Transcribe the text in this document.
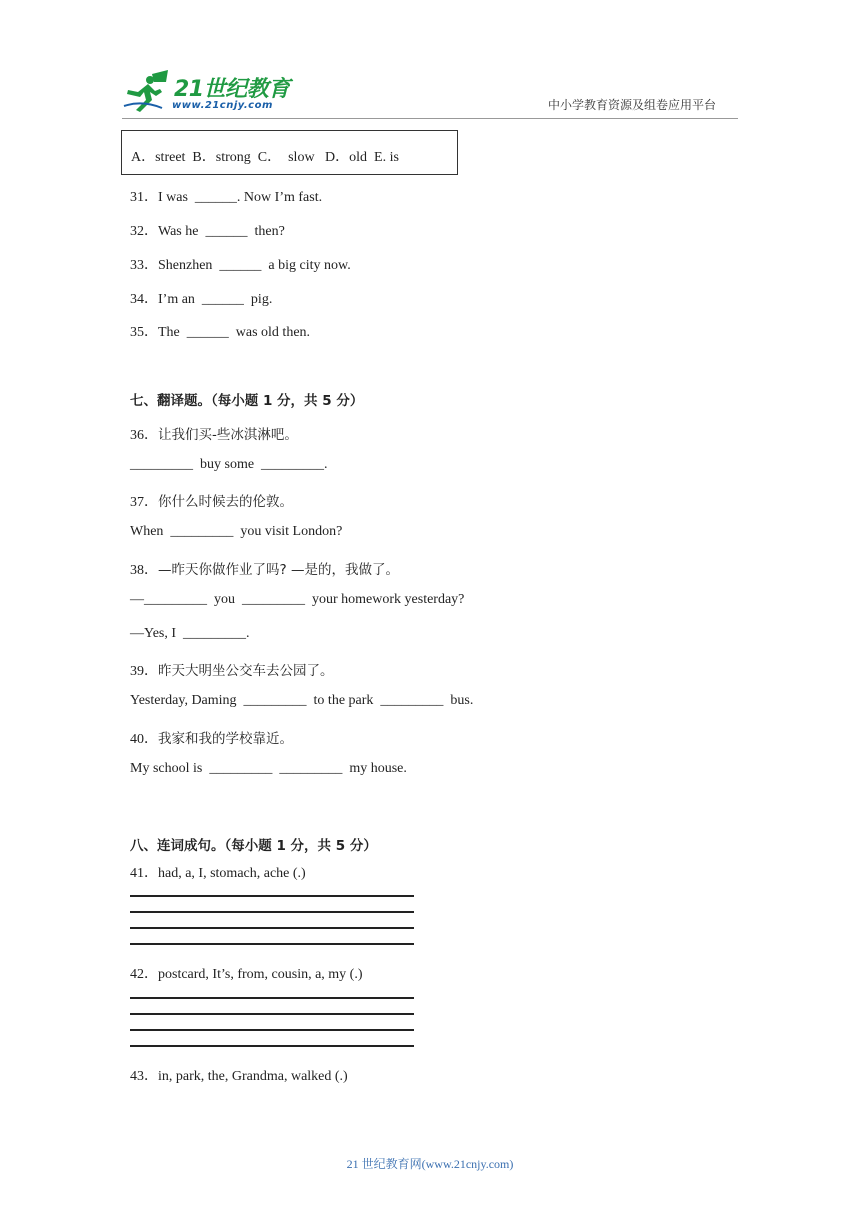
21世纪教育
www.21cnjy.com	中小学教育资源及组卷应用平台
A．street  B．strong  C．  slow   D．old  E. is
31．I was  ______. Now I’m fast.
32．Was he  ______  then?
33．Shenzhen  ______  a big city now.
34．I’m an  ______  pig.
35．The  ______  was old then.
七、翻译题。（每小题 1 分，共 5 分）
36．让我们买-些冰淇淋吧。
_________  buy some  _________.
37．你什么时候去的伦敦。
When  _________  you visit London?
38．—昨天你做作业了吗? —是的，我做了。
—_________  you  _________  your homework yesterday?
—Yes, I  _________.
39．昨天大明坐公交车去公园了。
Yesterday, Daming  _________  to the park  _________  bus.
40．我家和我的学校靠近。
My school is  _________  _________  my house.
八、连词成句。（每小题 1 分，共 5 分）
41．had, a, I, stomach, ache (.)
42．postcard, It’s, from, cousin, a, my (.)
43．in, park, the, Grandma, walked (.)
21 世纪教育网(www.21cnjy.com)
